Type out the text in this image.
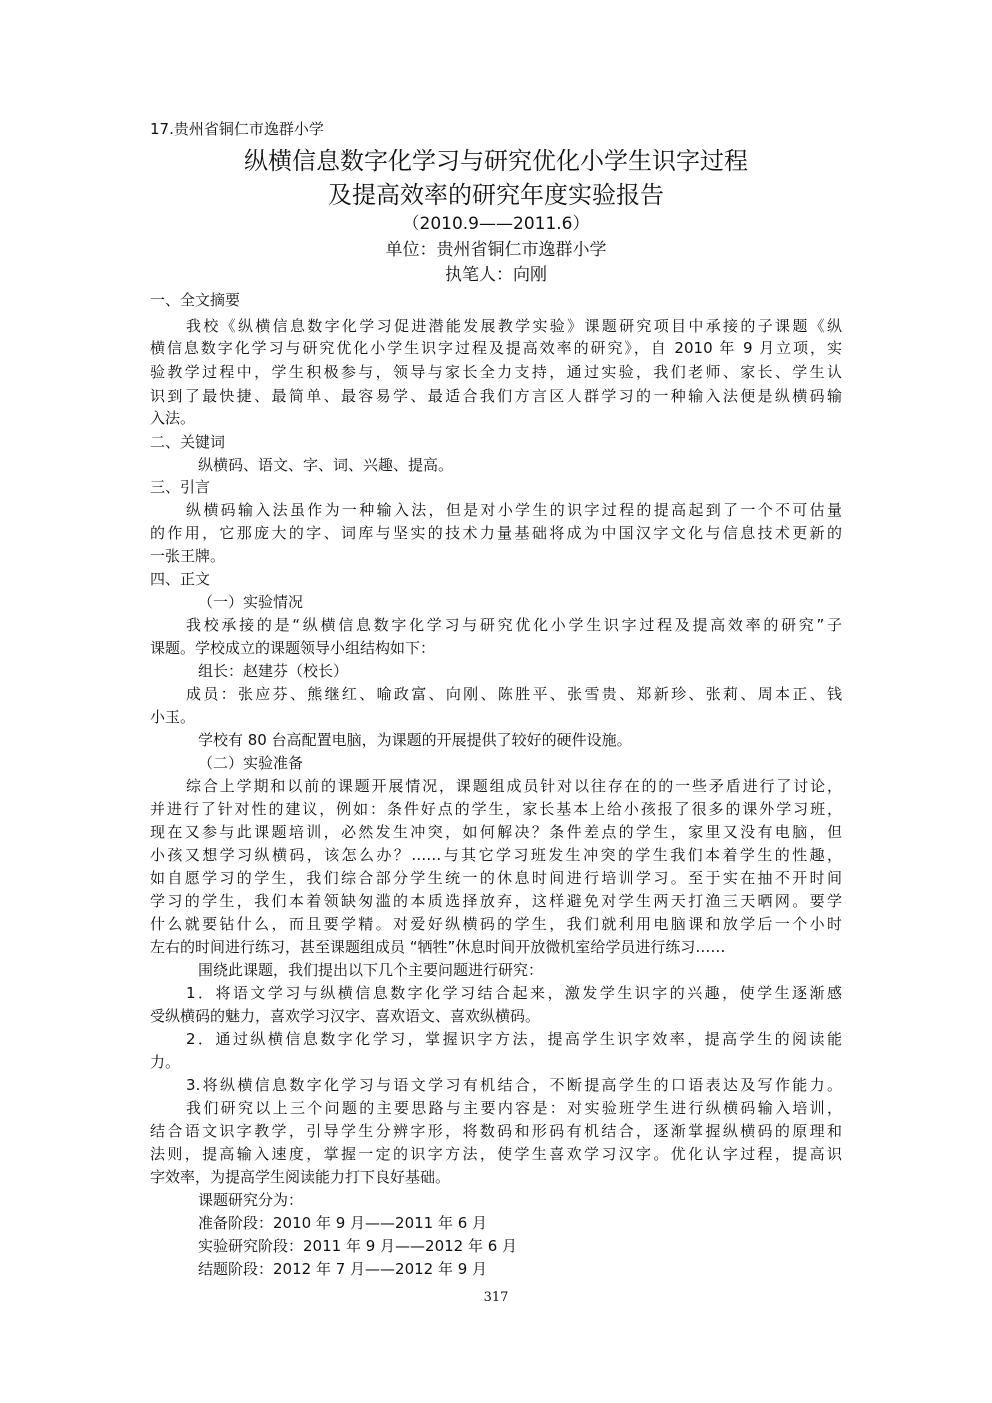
17.贵州省铜仁市逸群小学
纵横信息数字化学习与研究优化小学生识字过程
及提高效率的研究年度实验报告
（2010.9——2011.6）
单位：贵州省铜仁市逸群小学
执笔人：向刚
一、全文摘要
我校《纵横信息数字化学习促进潜能发展教学实验》课题研究项目中承接的子课题《纵
横信息数字化学习与研究优化小学生识字过程及提高效率的研究》，自 2010 年 9 月立项，实
验教学过程中，学生积极参与，领导与家长全力支持，通过实验，我们老师、家长、学生认
识到了最快捷、最简单、最容易学、最适合我们方言区人群学习的一种输入法便是纵横码输
入法。
二、关键词
纵横码、语文、字、词、兴趣、提高。
三、引言
纵横码输入法虽作为一种输入法，但是对小学生的识字过程的提高起到了一个不可估量
的作用，它那庞大的字、词库与坚实的技术力量基础将成为中国汉字文化与信息技术更新的
一张王牌。
四、正文
（一）实验情况
我校承接的是“纵横信息数字化学习与研究优化小学生识字过程及提高效率的研究”子
课题。学校成立的课题领导小组结构如下：
组长：赵建芬（校长）
成员：张应芬、熊继红、喻政富、向刚、陈胜平、张雪贵、郑新珍、张莉、周本正、钱
小玉。
学校有 80 台高配置电脑，为课题的开展提供了较好的硬件设施。
（二）实验准备
综合上学期和以前的课题开展情况，课题组成员针对以往存在的的一些矛盾进行了讨论，
并进行了针对性的建议，例如：条件好点的学生，家长基本上给小孩报了很多的课外学习班，
现在又参与此课题培训，必然发生冲突，如何解决？条件差点的学生，家里又没有电脑，但
小孩又想学习纵横码，该怎么办？……与其它学习班发生冲突的学生我们本着学生的性趣，
如自愿学习的学生，我们综合部分学生统一的休息时间进行培训学习。至于实在抽不开时间
学习的学生，我们本着领缺匆滥的本质选择放弃，这样避免对学生两天打渔三天晒网。要学
什么就要钻什么，而且要学精。对爱好纵横码的学生，我们就利用电脑课和放学后一个小时
左右的时间进行练习，甚至课题组成员 “牺牲”休息时间开放微机室给学员进行练习……
围绕此课题，我们提出以下几个主要问题进行研究：
1．将语文学习与纵横信息数字化学习结合起来，激发学生识字的兴趣，使学生逐渐感
受纵横码的魅力，喜欢学习汉字、喜欢语文、喜欢纵横码。
2．通过纵横信息数字化学习，掌握识字方法，提高学生识字效率，提高学生的阅读能
力。
3.将纵横信息数字化学习与语文学习有机结合，不断提高学生的口语表达及写作能力。
我们研究以上三个问题的主要思路与主要内容是：对实验班学生进行纵横码输入培训，
结合语文识字教学，引导学生分辨字形，将数码和形码有机结合，逐渐掌握纵横码的原理和
法则，提高输入速度，掌握一定的识字方法，使学生喜欢学习汉字。优化认字过程，提高识
字效率，为提高学生阅读能力打下良好基础。
课题研究分为：
准备阶段：2010 年 9 月——2011 年 6 月
实验研究阶段：2011 年 9 月——2012 年 6 月
结题阶段：2012 年 7 月——2012 年 9 月
317
